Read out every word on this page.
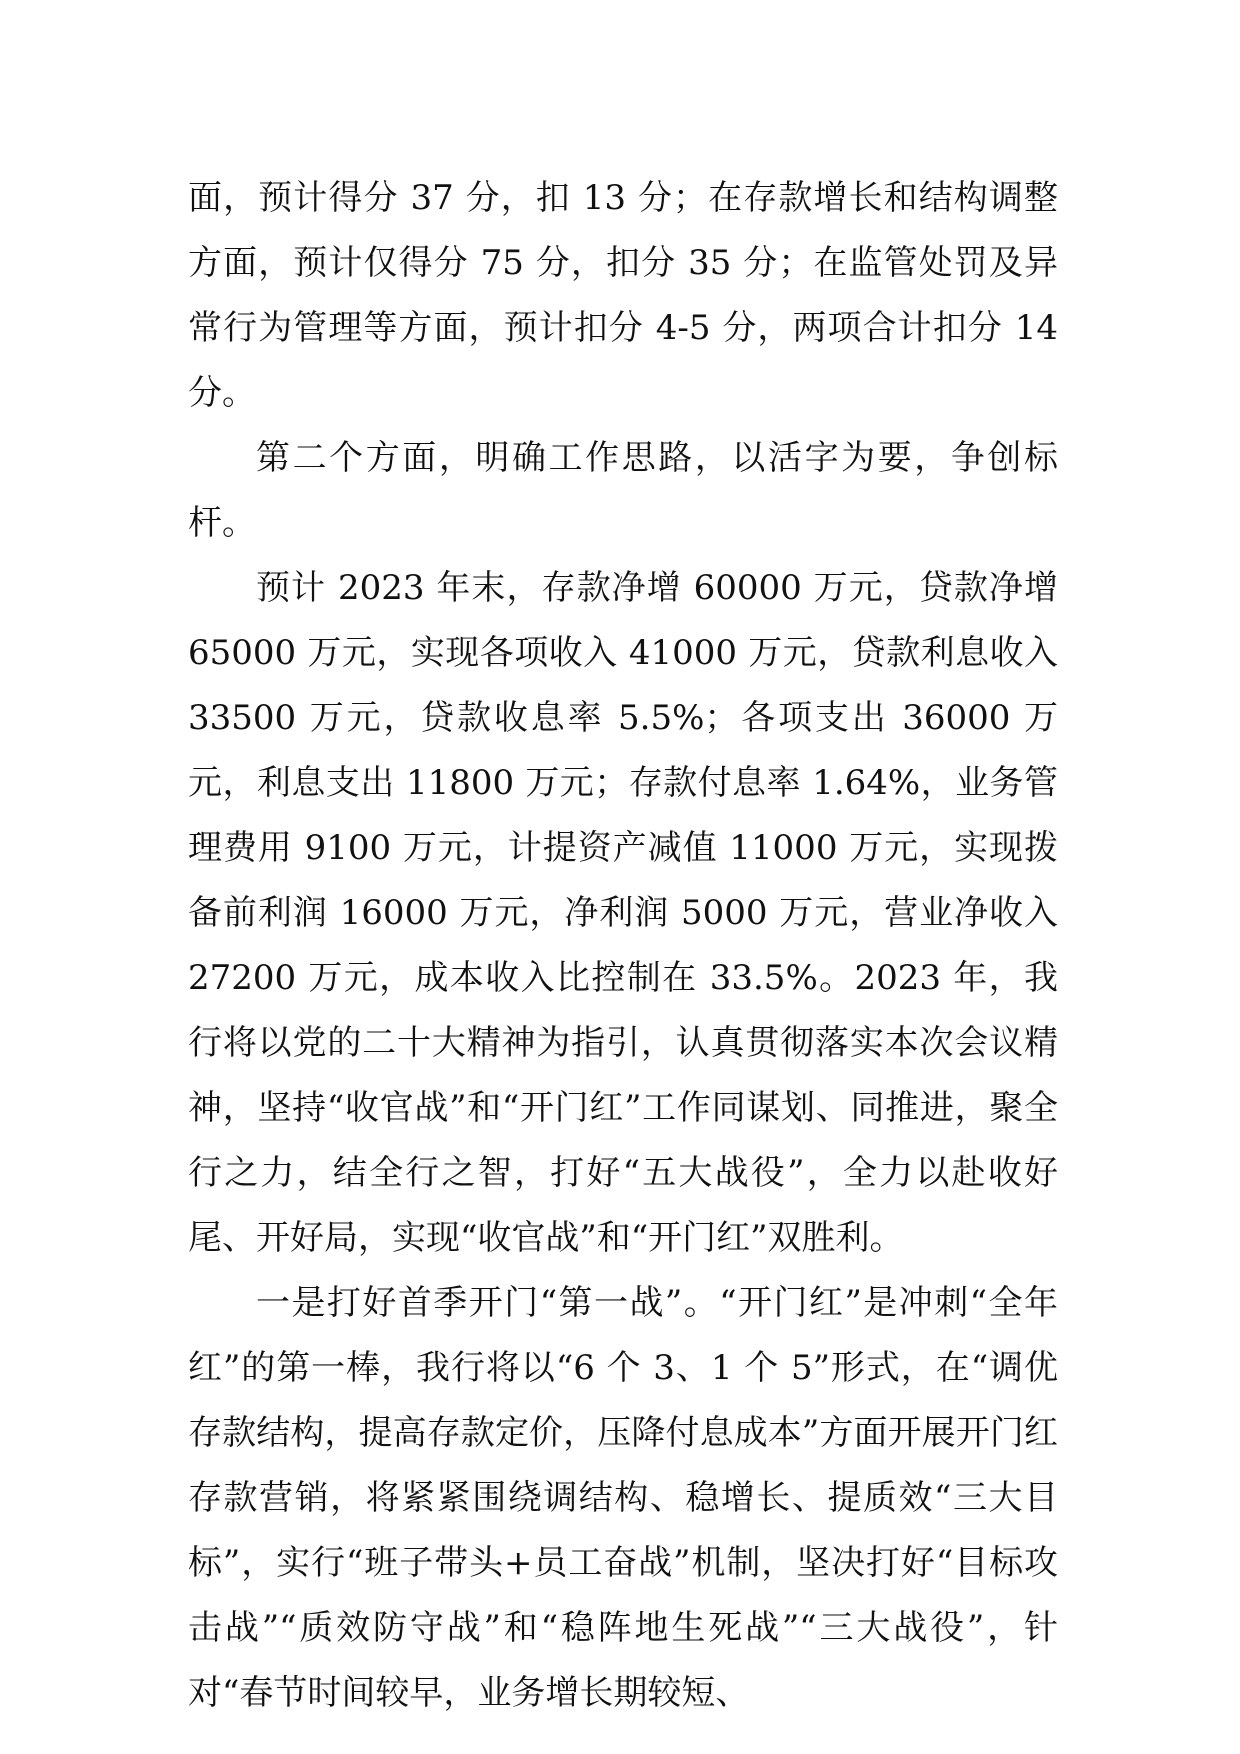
面，预计得分 37 分，扣 13 分；在存款增长和结构调整方面，预计仅得分 75 分，扣分 35 分；在监管处罚及异常行为管理等方面，预计扣分 4-5 分，两项合计扣分 14 分。

第二个方面，明确工作思路，以活字为要，争创标杆。

预计 2023 年末，存款净增 60000 万元，贷款净增 65000 万元，实现各项收入 41000 万元，贷款利息收入 33500 万元，贷款收息率 5.5%；各项支出 36000 万元，利息支出 11800 万元；存款付息率 1.64%，业务管理费用 9100 万元，计提资产减值 11000 万元，实现拨备前利润 16000 万元，净利润 5000 万元，营业净收入 27200 万元，成本收入比控制在 33.5%。2023 年，我行将以党的二十大精神为指引，认真贯彻落实本次会议精神，坚持“收官战”和“开门红”工作同谋划、同推进，聚全行之力，结全行之智，打好“五大战役”，全力以赴收好尾、开好局，实现“收官战”和“开门红”双胜利。

一是打好首季开门“第一战”。“开门红”是冲刺“全年红”的第一棒，我行将以“6 个 3、1 个 5”形式，在“调优存款结构，提高存款定价，压降付息成本”方面开展开门红存款营销，将紧紧围绕调结构、稳增长、提质效“三大目标”，实行“班子带头+员工奋战”机制，坚决打好“目标攻击战”“质效防守战”和“稳阵地生死战”“三大战役”，针对“春节时间较早，业务增长期较短、
